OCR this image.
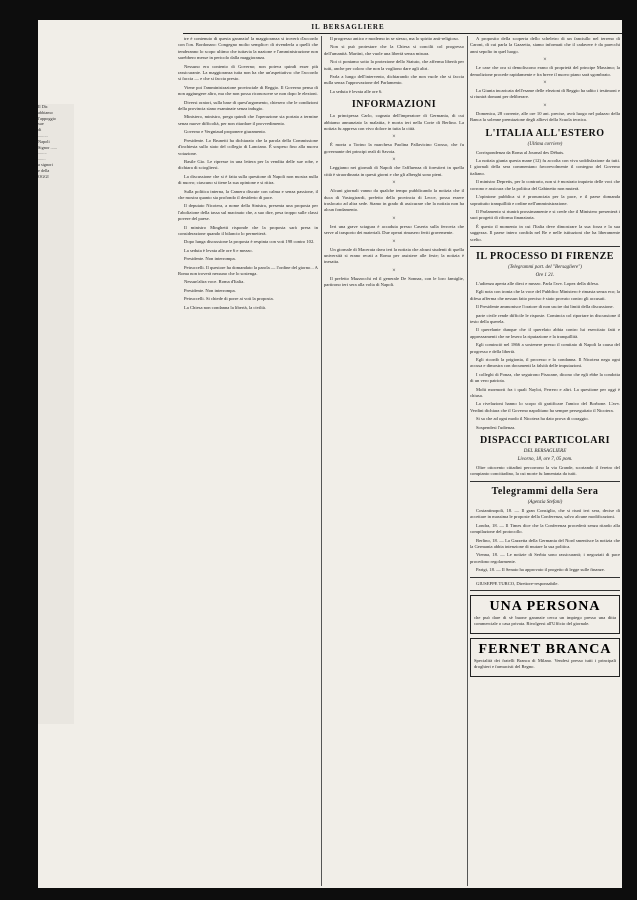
Il Dir.
abbiamo
l'appoggio
sue
di
.........
Napoli
Signor ......
........
.......
a signori
e della
OGGI
IL BERSAGLIERE

tre è contenuto di questa garanzia! la maggioranza si troverà d'accordo con l'on. Bordonaro: Congegno molto semplice: di rivenderla a quelli che tenderanno lo scopo ultimo che tuttavia la nazione e l'amministrazione non sarebbero messe in pericolo dalla maggioranza.

Nessuno era contento di Governo; non poteva quindi esser più rassicurante. La maggioranza tutta non ha che un'aspettativa: che l'accordo si faccia — e che si faccia presto.

Viene poi l'amministrazione provinciale di Reggio. Il Governo pensa di non aggiungere altro, ma che non possa riconoscere se non dopo le elezioni.

Diversi oratori, sulla base di quest'argomento, chiesero che le condizioni della provincia siano esaminate senza indugio.

Ministero, ministro, prega quindi che l'operazione sia portata a termine senza nuove difficoltà, per non ritardare il provvedimento.

Governo e Vergniaud proponere giuramento.

Presidente. Lo Brunetti ha dichiarato che la parola della Commissione d'inchiesta sullo stato del collegio di Lanciano. È sospeso fino alla nuova votazione.

Basile Gio. Le ripresse in una lettera per la vendita delle sue robe, e dichiara di sciogliersi.

La discussione che si è fatta sulla questione di Napoli non mostra nulla di nuovo; ciascuno si tiene la sua opinione e si ritira.

Sulla politica interna, la Camera discute con calma e senza passione, il che mostra quanto sia profondo il desiderio di pace.

Il deputato Nicotera, a nome della Sinistra, presenta una proposta per l'abolizione della tassa sul macinato che, a suo dire, pesa troppo sulle classi povere del paese.

Il ministro Minghetti risponde che la proposta sarà presa in considerazione quando il bilancio lo permetterà.

Dopo lunga discussione la proposta è respinta con voti 198 contro 102.

La seduta è levata alle ore 6 e mezzo.

Presidente. Non interrompa.

Petruccelli. Il questore ha domandato la parola — l'ordine del giorno... A Roma non troverà nessuno che lo sostenga.

Nessun'altra voce. Roma d'Italia.

Presidente. Non interrompa.

Petruccelli. Si chiede di porre ai voti la proposta.

La Chiesa non condanna la libertà, la civiltà.

Il progresso antico e moderno in se stesso, ma lo spirito anti-religioso.

Non si può protestare che la Chiesa si concilii col progresso dell'umanità. Martini, che vuole una libertà senza misura.

Noi ci poniamo sotto la protezione dello Statuto, che afferma libertà per tutti, anche per coloro che non la vogliono dare agli altri.

Parla a lungo dell'intervento, dichiarando che non vuole che si faccia nulla senza l'approvazione del Parlamento.

La seduta è levata alle ore 6.

INFORMAZIONI

La principessa Carlo, cognata dell'imperatore di Germania, di cui abbiamo annunziato la malattia, è morta ieri nella Corte di Berlino. La notizia fu appresa con vivo dolore in tutta la città.

×

È morta a Torino la marchesa Paolina Pallavicino Grosso, che fu governante dei principi reali di Savoia.

×

Leggiamo nei giornali di Napoli che l'affluenza di forestieri in quella città è straordinaria in questi giorni e che gli alberghi sono pieni.

×

Alcuni giornali vanno da qualche tempo pubblicando la notizia che il duca di Vastogirardi, prefetto della provincia di Lecce, possa essere traslocato ad altra sede. Siamo in grado di assicurare che la notizia non ha alcun fondamento.

×

Ieri una grave sciagura è accaduta presso Caserta sulla ferrovia che serve al trasporto dei materiali. Due operai rimasero feriti gravemente.

×

Un giornale di Macerata dava ieri la notizia che alcuni studenti di quella università si erano recati a Roma per assistere alle feste; la notizia è inesatta.

×

Il prefetto Mazzocchi ed il generale De Sonnaz, con le loro famiglie, partirono ieri sera alla volta di Napoli.

A proposito della scoperta dello scheletro di un fanciullo nel terreno di Caroni, di cui parla la Gazzetta, siamo informati che il cadavere è da parecchi anni sepolto in quel luogo.

×

Le case che ora si demoliscono erano di proprietà del principe Massimo; la demolizione procede rapidamente e fra breve il nuovo piano sarà sgombrato.

×

La Giunta incaricata dell'esame delle elezioni di Reggio ha udito i testimoni e si riunirà domani per deliberare.

×

Domenica, 28 corrente, alle ore 10 ant. precise, avrà luogo nel palazzo della Banca la solenne premiazione degli allievi della Scuola tecnica.

L'ITALIA ALL'ESTERO
(Ultima corriere)

Corrispondenza da Roma al Journal des Débats.

La notizia giunta questa mane (12) fu accolta con viva soddisfazione da tutti. I giornali della sera commentano favorevolmente il contegno del Governo italiano.

Il ministro Depretis, per lo contrario, non si è mostrato inquieto delle voci che corrono e assicura che la politica del Gabinetto non muterà.

L'opinione pubblica si è pronunciata per la pace, e il paese domanda soprattutto tranquillità e ordine nell'amministrazione.

Il Parlamento si riunirà prossimamente e si crede che il Ministero presenterà i suoi progetti di riforma finanziaria.

È questo il momento in cui l'Italia deve dimostrare la sua forza e la sua saggezza. Il paese intero confida nel Re e nelle istituzioni che ha liberamente scelto.

IL PROCESSO DI FIRENZE
(Telegrammi part. del "Bersagliere")
Ore 1 21.

L'udienza aperta alle dieci e mezzo. Parla l'avv. Lopez della difesa.

Egli nota con ironia che la voce del Pubblico Ministero è rimasta senza eco; la difesa afferma che nessun fatto preciso è stato provato contro gli accusati.

Il Presidente ammonisce l'oratore di non uscire dai limiti della discussione.

parte civile rende difficile le risposte. Comincia col riportare in discussione il testo della querela.

Il querelante dunque che il querelato abbia contro lui esercitato fatti e apprezzamenti che ne lesero la riputazione e la tranquillità.

Egli cominciò nel 1866 a sostenere presso il comitato di Napoli la causa del progresso e della libertà.

Egli ricordò la prigionia, il processo e la condanna. Il Nicotera nega ogni accusa e dimostra con documenti la falsità delle imputazioni.

I colleghi di Ponza, che seguirono Pisacane, dicono che egli ebbe la condotta di un vero patriota.

Molti mormorii fra i quali Nayloi, Ferrero e altri. La questione per oggi è chiusa.

La rivelazioni hanno lo scopo di gratificare l'amico del Borbone. L'avv. Verdini dichiara che il Governo napolitano ha sempre perseguitato il Nicotera.

Si sa che ad ogni modo il Nicotera ha dato prova di coraggio.

Sospendesi l'udienza.

DISPACCI PARTICOLARI
DEL BERSAGLIERE
Livorno, 18, ore 7, 05 pom.

Oltre ottocento cittadini percorrono la via Grande, scortando il feretro del compianto concittadino, la cui morte fu lamentata da tutti.

Telegrammi della Sera
(Agenzia Stefani)

Costantinopoli, 18. — Il gran Consiglio, che si riunì ieri sera, decise di accettare in massima le proposte della Conferenza, salvo alcune modificazioni.

Londra, 18. — Il Times dice che la Conferenza procederà senza ritardo alla compilazione del protocollo.

Berlino, 18. — La Gazzetta della Germania del Nord smentisce la notizia che la Germania abbia intenzione di mutare la sua politica.

Vienna, 18. — Le notizie di Serbia sono rassicuranti; i negoziati di pace procedono regolarmente.

Parigi, 18. — Il Senato ha approvato il progetto di legge sulle finanze.

GIUSEPPE TURCO, Direttore-responsabile.

UNA PERSONA

che può dare di sè buone garanzie cerca un impiego presso una ditta commerciale o casa privata. Rivolgersi all'Ufficio del giornale.

FERNET BRANCA

Specialità dei fratelli Branca di Milano. Vendesi presso tutti i principali droghieri e farmacisti del Regno.
